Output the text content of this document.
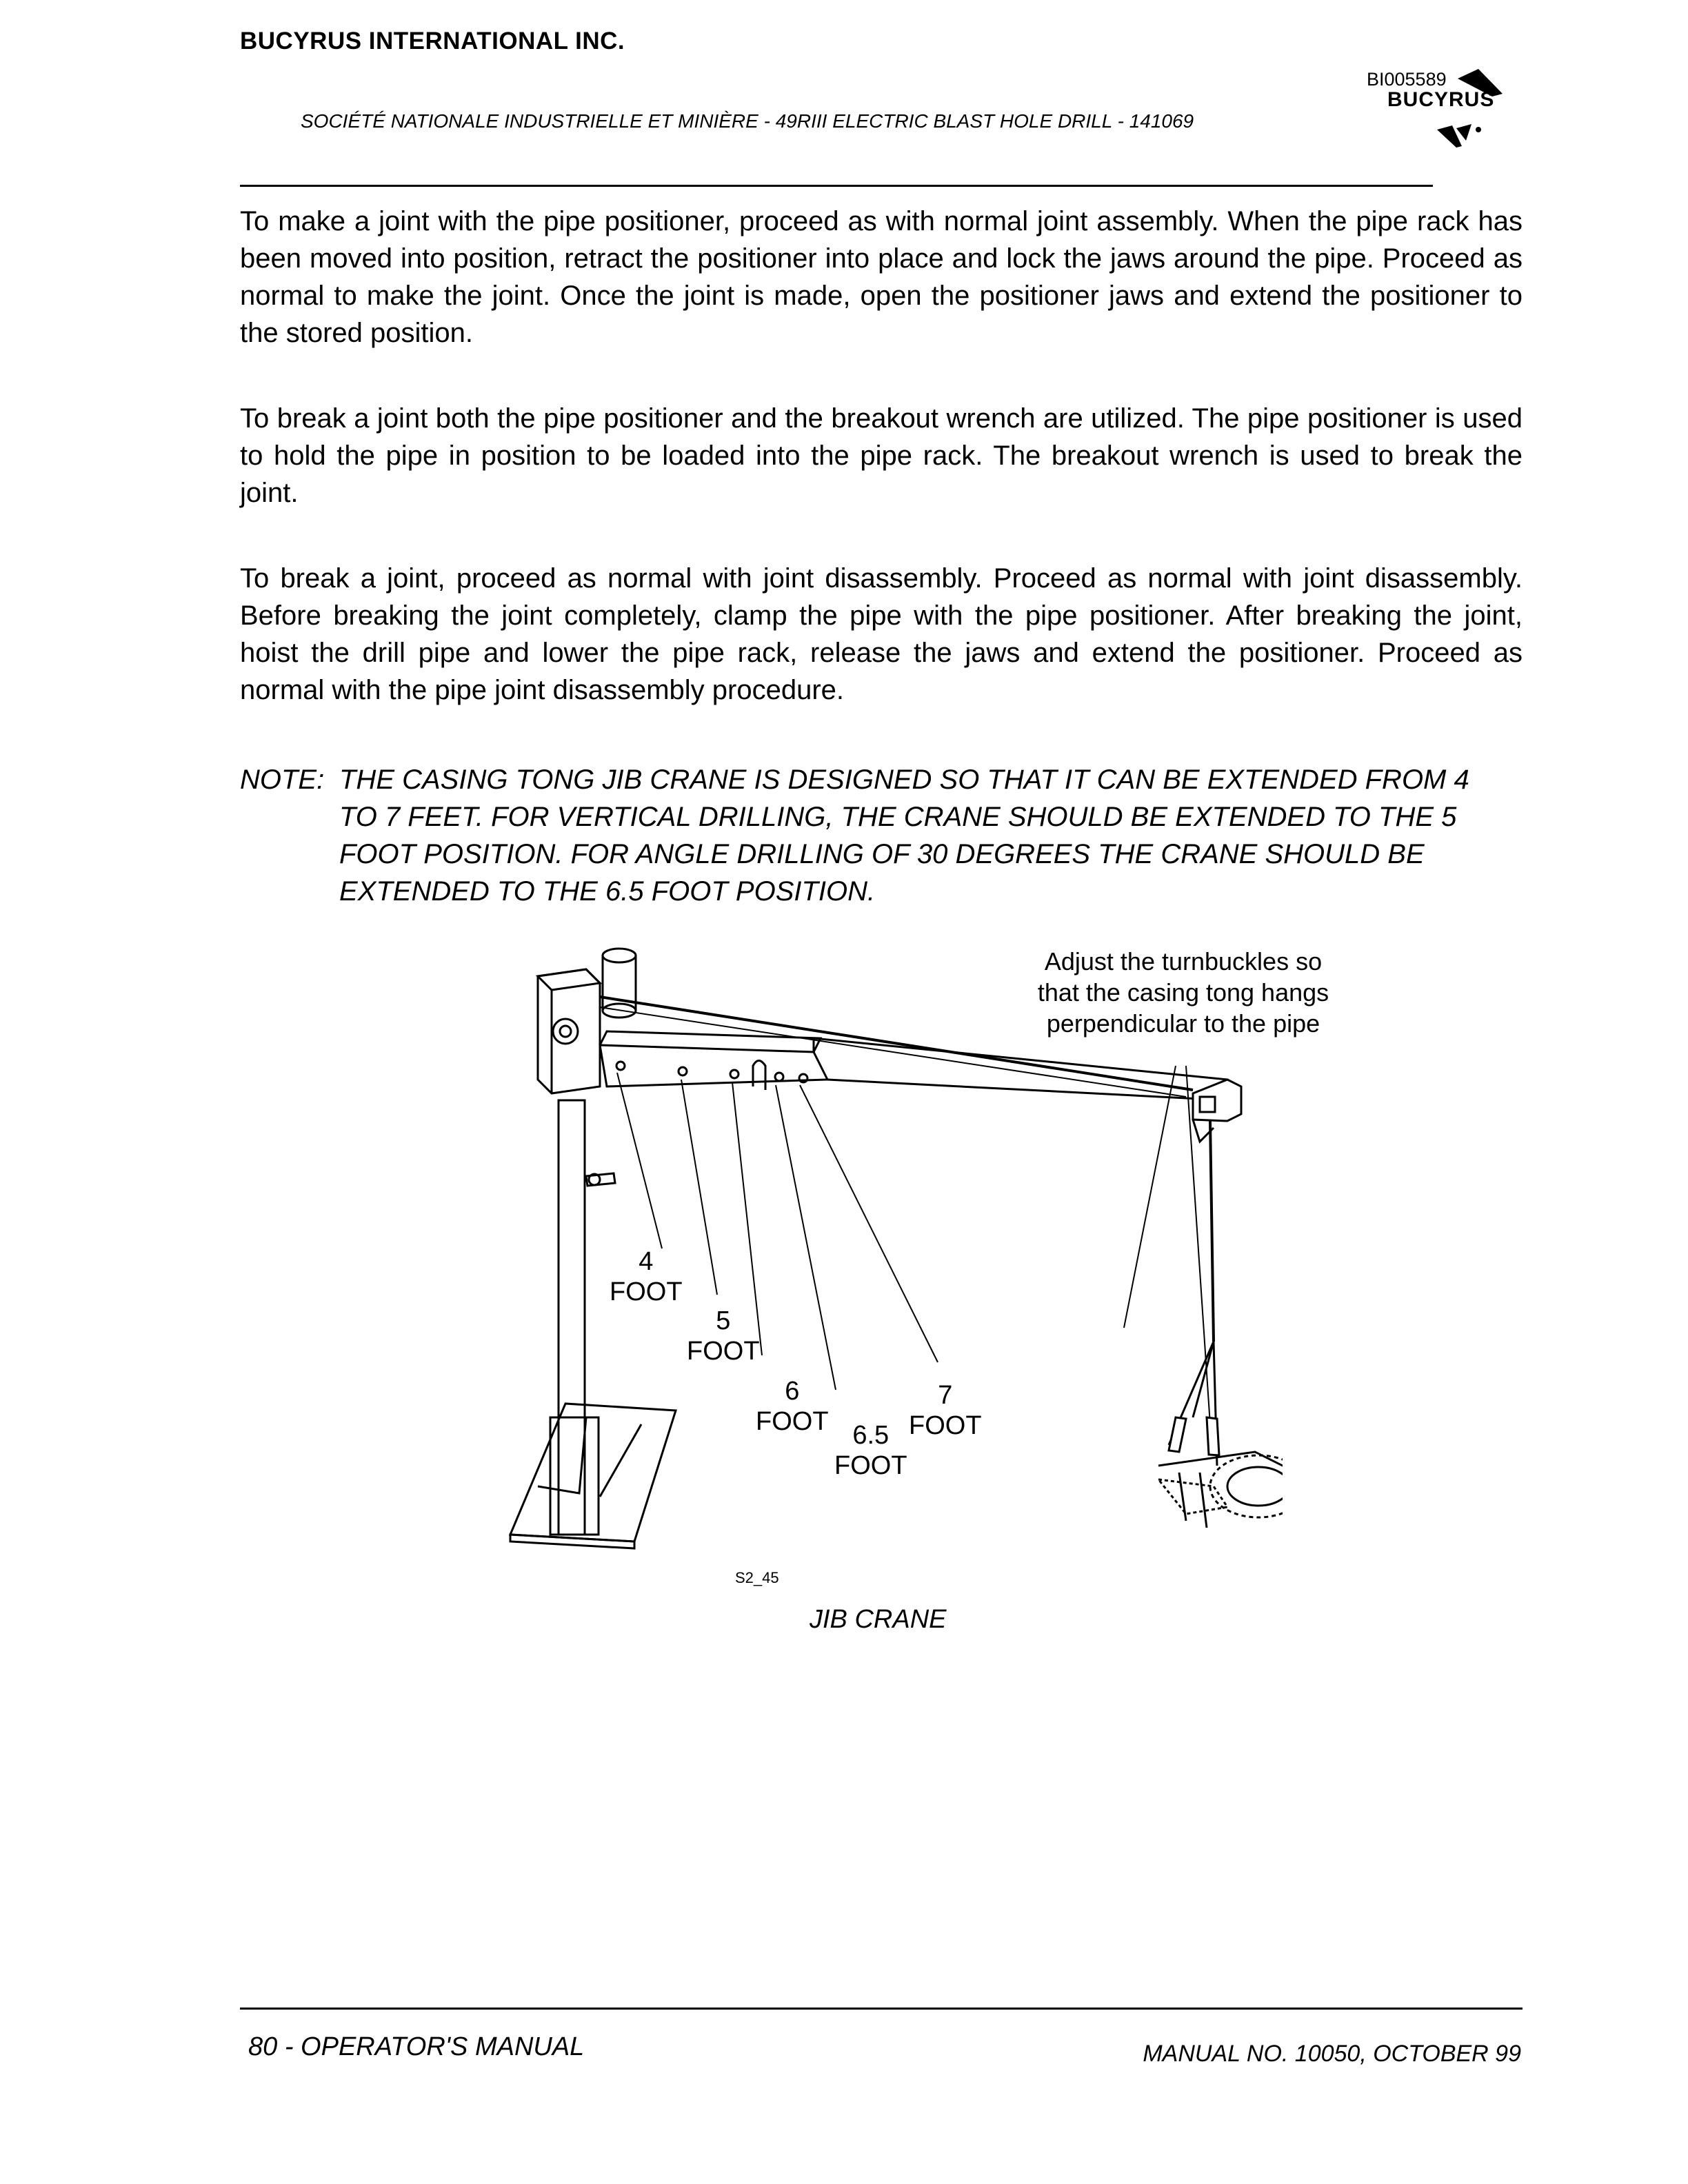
BUCYRUS INTERNATIONAL INC.
SOCIÉTÉ NATIONALE INDUSTRIELLE ET MINIÈRE - 49RIII ELECTRIC BLAST HOLE DRILL - 141069
BI005589
BUCYRUS

To make a joint with the pipe positioner, proceed as with normal joint assembly. When the pipe rack has been moved into position, retract the positioner into place and lock the jaws around the pipe. Proceed as normal to make the joint. Once the joint is made, open the positioner jaws and extend the positioner to the stored position.

To break a joint both the pipe positioner and the breakout wrench are utilized. The pipe positioner is used to hold the pipe in position to be loaded into the pipe rack. The breakout wrench is used to break the joint.

To break a joint, proceed as normal with joint disassembly. Proceed as normal with joint disassembly. Before breaking the joint completely, clamp the pipe with the pipe positioner. After breaking the joint, hoist the drill pipe and lower the pipe rack, release the jaws and extend the positioner. Proceed as normal with the pipe joint disassembly procedure.

NOTE: THE CASING TONG JIB CRANE IS DESIGNED SO THAT IT CAN BE EXTENDED FROM 4 TO 7 FEET. FOR VERTICAL DRILLING, THE CRANE SHOULD BE EXTENDED TO THE 5 FOOT POSITION. FOR ANGLE DRILLING OF 30 DEGREES THE CRANE SHOULD BE EXTENDED TO THE 6.5 FOOT POSITION.

Adjust the turnbuckles so that the casing tong hangs perpendicular to the pipe

4
FOOT
5
FOOT
6
FOOT 6.5
FOOT
7
FOOT
S2_45
JIB CRANE
80 - OPERATOR'S MANUAL	MANUAL NO. 10050, OCTOBER 99
